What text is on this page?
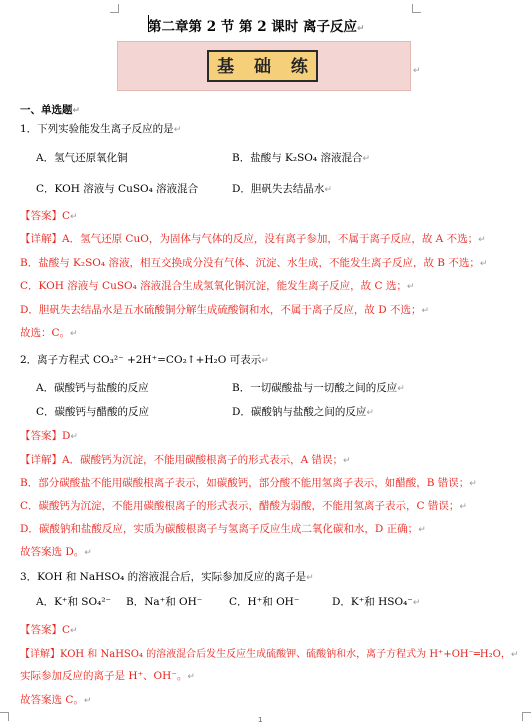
第二章第 2 节 第 2 课时 离子反应↵
基 础 练	↵
一、单选题↵
1．下列实验能发生离子反应的是↵
A．氢气还原氧化铜	B．盐酸与 K₂SO₄ 溶液混合↵
C．KOH 溶液与 CuSO₄ 溶液混合	D．胆矾失去结晶水↵
【答案】C↵
【详解】A．氢气还原 CuO，为固体与气体的反应，没有离子参加，不属于离子反应，故 A 不选；↵
B．盐酸与 K₂SO₄ 溶液，相互交换成分没有气体、沉淀、水生成，不能发生离子反应，故 B 不选；↵
C．KOH 溶液与 CuSO₄ 溶液混合生成氢氧化铜沉淀，能发生离子反应，故 C 选；↵
D．胆矾失去结晶水是五水硫酸铜分解生成硫酸铜和水，不属于离子反应，故 D 不选；↵
故选：C。↵
2．离子方程式 CO₃²⁻ +2H⁺=CO₂↑+H₂O 可表示↵
A．碳酸钙与盐酸的反应	B．一切碳酸盐与一切酸之间的反应↵
C．碳酸钙与醋酸的反应	D．碳酸钠与盐酸之间的反应↵
【答案】D↵
【详解】A．碳酸钙为沉淀，不能用碳酸根离子的形式表示，A 错误；↵
B．部分碳酸盐不能用碳酸根离子表示，如碳酸钙，部分酸不能用氢离子表示，如醋酸，B 错误；↵
C．碳酸钙为沉淀，不能用碳酸根离子的形式表示，醋酸为弱酸，不能用氢离子表示，C 错误；↵
D．碳酸钠和盐酸反应，实质为碳酸根离子与氢离子反应生成二氧化碳和水，D 正确；↵
故答案选 D。↵
3．KOH 和 NaHSO₄ 的溶液混合后，实际参加反应的离子是↵
A．K⁺和 SO₄²⁻ B．Na⁺和 OH⁻	C．H⁺和 OH⁻	D．K⁺和 HSO₄⁻↵
【答案】C↵
【详解】KOH 和 NaHSO₄ 的溶液混合后发生反应生成硫酸钾、硫酸钠和水，离子方程式为 H⁺+OH⁻═H₂O，↵
实际参加反应的离子是 H⁺、OH⁻。↵
故答案选 C。↵
1
